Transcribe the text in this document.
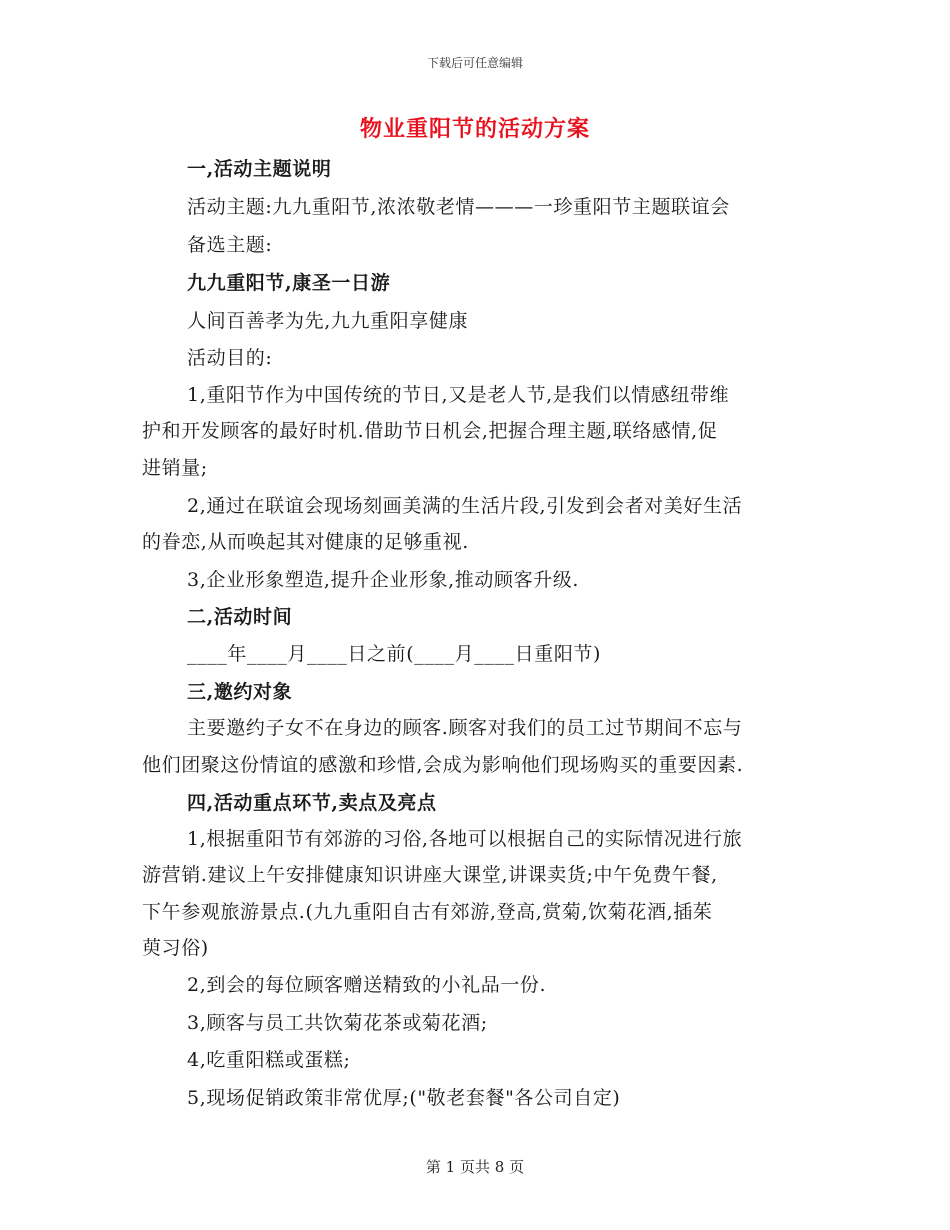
下载后可任意编辑
物业重阳节的活动方案
一,活动主题说明
活动主题:九九重阳节,浓浓敬老情———一珍重阳节主题联谊会
备选主题:
九九重阳节,康圣一日游
人间百善孝为先,九九重阳享健康
活动目的:
1,重阳节作为中国传统的节日,又是老人节,是我们以情感纽带维
护和开发顾客的最好时机.借助节日机会,把握合理主题,联络感情,促
进销量;
2,通过在联谊会现场刻画美满的生活片段,引发到会者对美好生活
的眷恋,从而唤起其对健康的足够重视.
3,企业形象塑造,提升企业形象,推动顾客升级.
二,活动时间
____年____月____日之前(____月____日重阳节)
三,邀约对象
主要邀约子女不在身边的顾客.顾客对我们的员工过节期间不忘与
他们团聚这份情谊的感激和珍惜,会成为影响他们现场购买的重要因素.
四,活动重点环节,卖点及亮点
1,根据重阳节有郊游的习俗,各地可以根据自己的实际情况进行旅
游营销.建议上午安排健康知识讲座大课堂,讲课卖货;中午免费午餐,
下午参观旅游景点.(九九重阳自古有郊游,登高,赏菊,饮菊花酒,插茱
萸习俗)
2,到会的每位顾客赠送精致的小礼品一份.
3,顾客与员工共饮菊花茶或菊花酒;
4,吃重阳糕或蛋糕;
5,现场促销政策非常优厚;("敬老套餐"各公司自定)
第 1 页共 8 页
